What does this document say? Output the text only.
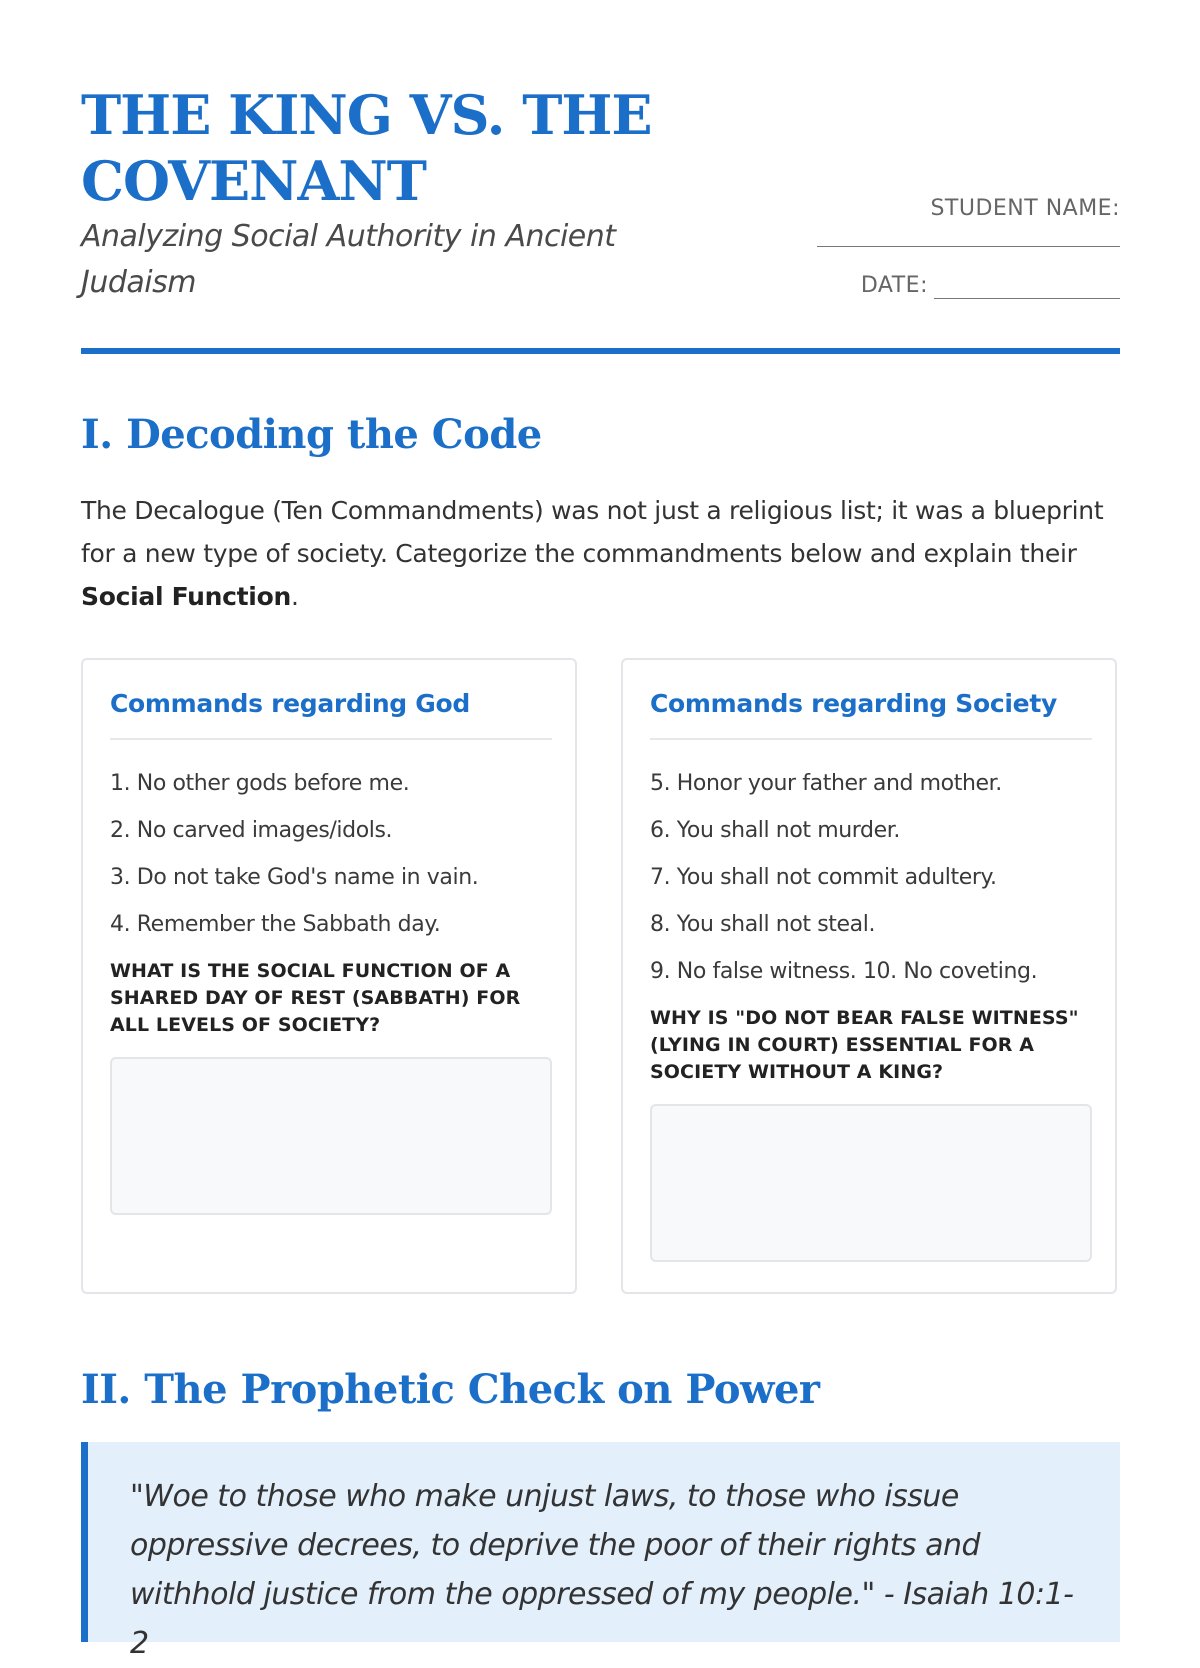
THE KING VS. THE COVENANT

Analyzing Social Authority in Ancient Judaism

STUDENT NAME:
DATE:
I. Decoding the Code

The Decalogue (Ten Commandments) was not just a religious list; it was a blueprint for a new type of society. Categorize the commandments below and explain their Social Function.

Commands regarding God
1. No other gods before me.
2. No carved images/idols.
3. Do not take God's name in vain.
4. Remember the Sabbath day.

WHAT IS THE SOCIAL FUNCTION OF A SHARED DAY OF REST (SABBATH) FOR ALL LEVELS OF SOCIETY?

Commands regarding Society
5. Honor your father and mother.
6. You shall not murder.
7. You shall not commit adultery.
8. You shall not steal.
9. No false witness. 10. No coveting.

WHY IS "DO NOT BEAR FALSE WITNESS" (LYING IN COURT) ESSENTIAL FOR A SOCIETY WITHOUT A KING?

II. The Prophetic Check on Power

"Woe to those who make unjust laws, to those who issue oppressive decrees, to deprive the poor of their rights and withhold justice from the oppressed of my people." - Isaiah 10:1-2
